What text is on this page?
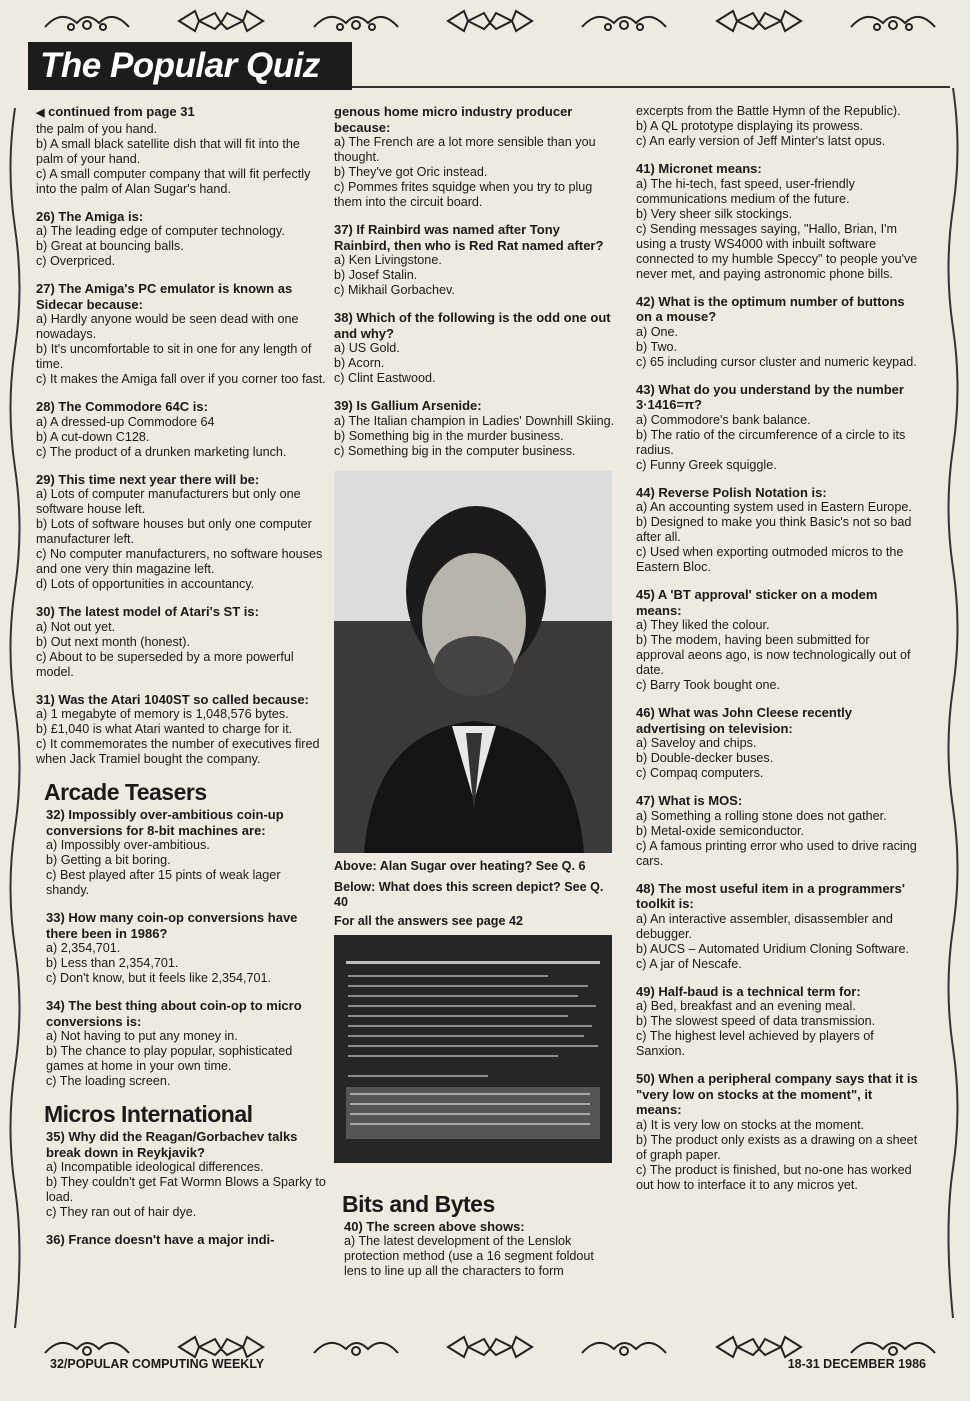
The Popular Quiz
◀ continued from page 31
the palm of you hand.
b) A small black satellite dish that will fit into the palm of your hand.
c) A small computer company that will fit perfectly into the palm of Alan Sugar's hand.
26) The Amiga is:
a) The leading edge of computer technology.
b) Great at bouncing balls.
c) Overpriced.
27) The Amiga's PC emulator is known as Sidecar because:
a) Hardly anyone would be seen dead with one nowadays.
b) It's uncomfortable to sit in one for any length of time.
c) It makes the Amiga fall over if you corner too fast.
28) The Commodore 64C is:
a) A dressed-up Commodore 64
b) A cut-down C128.
c) The product of a drunken marketing lunch.
29) This time next year there will be:
a) Lots of computer manufacturers but only one software house left.
b) Lots of software houses but only one computer manufacturer left.
c) No computer manufacturers, no software houses and one very thin magazine left.
d) Lots of opportunities in accountancy.
30) The latest model of Atari's ST is:
a) Not out yet.
b) Out next month (honest).
c) About to be superseded by a more powerful model.
31) Was the Atari 1040ST so called because:
a) 1 megabyte of memory is 1,048,576 bytes.
b) £1,040 is what Atari wanted to charge for it.
c) It commemorates the number of executives fired when Jack Tramiel bought the company.
Arcade Teasers
32) Impossibly over-ambitious coin-up conversions for 8-bit machines are:
a) Impossibly over-ambitious.
b) Getting a bit boring.
c) Best played after 15 pints of weak lager shandy.
33) How many coin-op conversions have there been in 1986?
a) 2,354,701.
b) Less than 2,354,701.
c) Don't know, but it feels like 2,354,701.
34) The best thing about coin-op to micro conversions is:
a) Not having to put any money in.
b) The chance to play popular, sophisticated games at home in your own time.
c) The loading screen.
Micros International
35) Why did the Reagan/Gorbachev talks break down in Reykjavik?
a) Incompatible ideological differences.
b) They couldn't get Fat Wormn Blows a Sparky to load.
c) They ran out of hair dye.
36) France doesn't have a major indi-
genous home micro industry producer because:
a) The French are a lot more sensible than you thought.
b) They've got Oric instead.
c) Pommes frites squidge when you try to plug them into the circuit board.
37) If Rainbird was named after Tony Rainbird, then who is Red Rat named after?
a) Ken Livingstone.
b) Josef Stalin.
c) Mikhail Gorbachev.
38) Which of the following is the odd one out and why?
a) US Gold.
b) Acorn.
c) Clint Eastwood.
39) Is Gallium Arsenide:
a) The Italian champion in Ladies' Downhill Skiing.
b) Something big in the murder business.
c) Something big in the computer business.
Above: Alan Sugar over heating? See Q. 6
Below: What does this screen depict? See Q. 40
For all the answers see page 42
Bits and Bytes
40) The screen above shows:
a) The latest development of the Lenslok protection method (use a 16 segment foldout lens to line up all the characters to form
excerpts from the Battle Hymn of the Republic).
b) A QL prototype displaying its prowess.
c) An early version of Jeff Minter's latst opus.
41) Micronet means:
a) The hi-tech, fast speed, user-friendly communications medium of the future.
b) Very sheer silk stockings.
c) Sending messages saying, "Hallo, Brian, I'm using a trusty WS4000 with inbuilt software connected to my humble Speccy" to people you've never met, and paying astronomic phone bills.
42) What is the optimum number of buttons on a mouse?
a) One.
b) Two.
c) 65 including cursor cluster and numeric keypad.
43) What do you understand by the number 3·1416=π?
a) Commodore's bank balance.
b) The ratio of the circumference of a circle to its radius.
c) Funny Greek squiggle.
44) Reverse Polish Notation is:
a) An accounting system used in Eastern Europe.
b) Designed to make you think Basic's not so bad after all.
c) Used when exporting outmoded micros to the Eastern Bloc.
45) A 'BT approval' sticker on a modem means:
a) They liked the colour.
b) The modem, having been submitted for approval aeons ago, is now technologically out of date.
c) Barry Took bought one.
46) What was John Cleese recently advertising on television:
a) Saveloy and chips.
b) Double-decker buses.
c) Compaq computers.
47) What is MOS:
a) Something a rolling stone does not gather.
b) Metal-oxide semiconductor.
c) A famous printing error who used to drive racing cars.
48) The most useful item in a programmers' toolkit is:
a) An interactive assembler, disassembler and debugger.
b) AUCS – Automated Uridium Cloning Software.
c) A jar of Nescafe.
49) Half-baud is a technical term for:
a) Bed, breakfast and an evening meal.
b) The slowest speed of data transmission.
c) The highest level achieved by players of Sanxion.
50) When a peripheral company says that it is "very low on stocks at the moment", it means:
a) It is very low on stocks at the moment.
b) The product only exists as a drawing on a sheet of graph paper.
c) The product is finished, but no-one has worked out how to interface it to any micros yet.
32/POPULAR COMPUTING WEEKLY	18-31 DECEMBER 1986
